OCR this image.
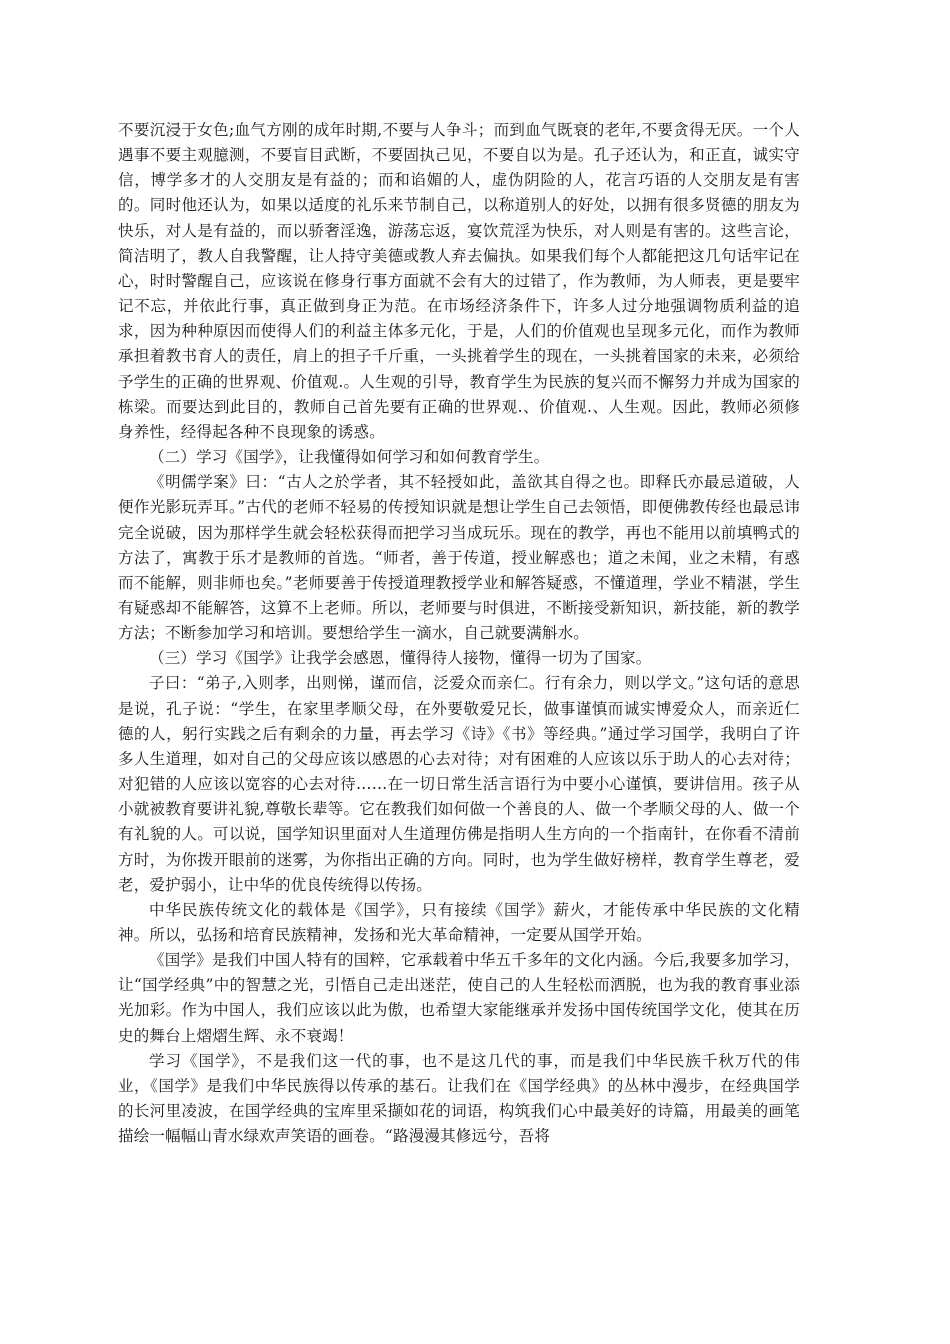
不要沉浸于女色;血气方刚的成年时期,不要与人争斗；而到血气既衰的老年,不要贪得无厌。一个人遇事不要主观臆测，不要盲目武断，不要固执己见，不要自以为是。孔子还认为，和正直，诚实守信，博学多才的人交朋友是有益的；而和谄媚的人，虚伪阴险的人，花言巧语的人交朋友是有害的。同时他还认为，如果以适度的礼乐来节制自己，以称道别人的好处，以拥有很多贤德的朋友为快乐，对人是有益的，而以骄奢淫逸，游荡忘返，宴饮荒淫为快乐，对人则是有害的。这些言论，简洁明了，教人自我警醒，让人持守美德或教人弃去偏执。如果我们每个人都能把这几句话牢记在心，时时警醒自己，应该说在修身行事方面就不会有大的过错了，作为教师，为人师表，更是要牢记不忘，并依此行事，真正做到身正为范。在市场经济条件下，许多人过分地强调物质利益的追求，因为种种原因而使得人们的利益主体多元化，于是，人们的价值观也呈现多元化，而作为教师承担着教书育人的责任，肩上的担子千斤重，一头挑着学生的现在，一头挑着国家的未来，必须给予学生的正确的世界观、价值观.。人生观的引导，教育学生为民族的复兴而不懈努力并成为国家的栋梁。而要达到此目的，教师自己首先要有正确的世界观.、价值观.、人生观。因此，教师必须修身养性，经得起各种不良现象的诱惑。

（二）学习《国学》，让我懂得如何学习和如何教育学生。

《明儒学案》曰：“古人之於学者，其不轻授如此，盖欲其自得之也。即释氏亦最忌道破，人便作光影玩弄耳。”古代的老师不轻易的传授知识就是想让学生自己去领悟，即便佛教传经也最忌讳完全说破，因为那样学生就会轻松获得而把学习当成玩乐。现在的教学，再也不能用以前填鸭式的方法了，寓教于乐才是教师的首选。“师者，善于传道，授业解惑也；道之未闻，业之未精，有惑而不能解，则非师也矣。”老师要善于传授道理教授学业和解答疑惑，不懂道理，学业不精湛，学生有疑惑却不能解答，这算不上老师。所以，老师要与时俱进，不断接受新知识，新技能，新的教学方法；不断参加学习和培训。要想给学生一滴水，自己就要满斛水。

（三）学习《国学》让我学会感恩，懂得待人接物，懂得一切为了国家。

子曰：“弟子,入则孝，出则悌，谨而信，泛爱众而亲仁。行有余力，则以学文。”这句话的意思是说，孔子说：“学生，在家里孝顺父母，在外要敬爱兄长，做事谨慎而诚实博爱众人，而亲近仁德的人，躬行实践之后有剩余的力量，再去学习《诗》《书》等经典。”通过学习国学，我明白了许多人生道理，如对自己的父母应该以感恩的心去对待；对有困难的人应该以乐于助人的心去对待；对犯错的人应该以宽容的心去对待……在一切日常生活言语行为中要小心谨慎，要讲信用。孩子从小就被教育要讲礼貌,尊敬长辈等。它在教我们如何做一个善良的人、做一个孝顺父母的人、做一个有礼貌的人。可以说，国学知识里面对人生道理仿佛是指明人生方向的一个指南针，在你看不清前方时，为你拨开眼前的迷雾，为你指出正确的方向。同时，也为学生做好榜样，教育学生尊老，爱老，爱护弱小，让中华的优良传统得以传扬。

中华民族传统文化的载体是《国学》，只有接续《国学》薪火，才能传承中华民族的文化精神。所以，弘扬和培育民族精神，发扬和光大革命精神，一定要从国学开始。

《国学》是我们中国人特有的国粹，它承载着中华五千多年的文化内涵。今后,我要多加学习，让“国学经典”中的智慧之光，引悟自己走出迷茫，使自己的人生轻松而洒脱，也为我的教育事业添光加彩。作为中国人，我们应该以此为傲，也希望大家能继承并发扬中国传统国学文化，使其在历史的舞台上熠熠生辉、永不衰竭！

学习《国学》，不是我们这一代的事，也不是这几代的事，而是我们中华民族千秋万代的伟业，《国学》是我们中华民族得以传承的基石。让我们在《国学经典》的丛林中漫步，在经典国学的长河里凌波，在国学经典的宝库里采撷如花的词语，构筑我们心中最美好的诗篇，用最美的画笔描绘一幅幅山青水绿欢声笑语的画卷。“路漫漫其修远兮，吾将
